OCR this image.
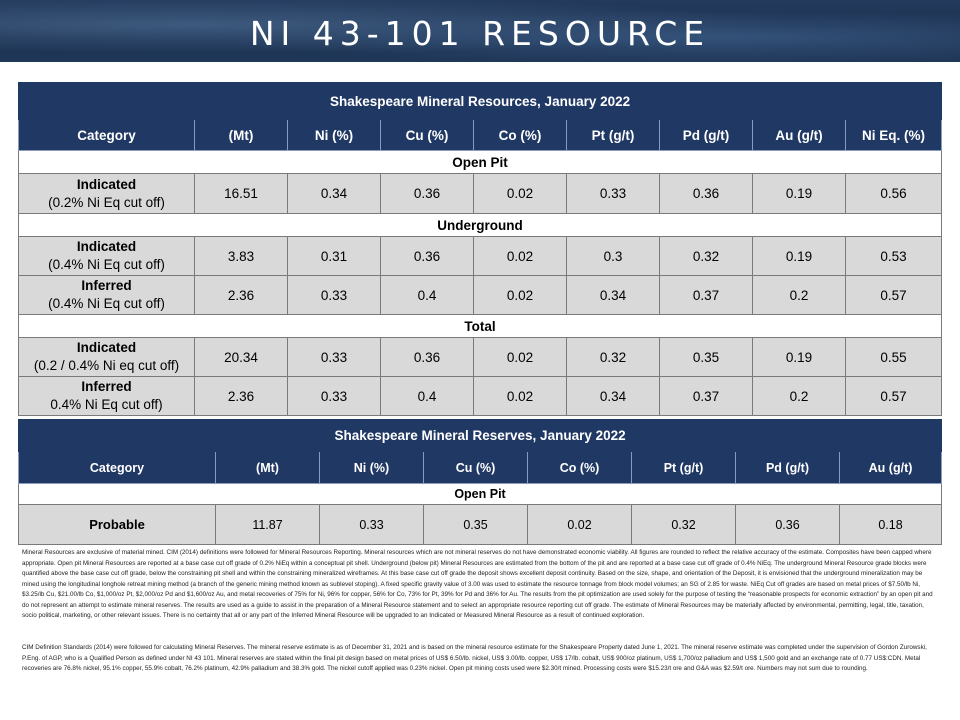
NI 43-101 RESOURCE
Shakespeare Mineral Resources, January 2022								
Category	(Mt)	Ni (%)	Cu (%)	Co (%)	Pt (g/t)	Pd (g/t)	Au (g/t)	Ni Eq. (%)
Open Pit								

Indicated
(0.2% Ni Eq cut off)	16.51	0.34	0.36	0.02	0.33	0.36	0.19	0.56
Underground								

Indicated
(0.4% Ni Eq cut off)	3.83	0.31	0.36	0.02	0.3	0.32	0.19	0.53

Inferred
(0.4% Ni Eq cut off)	2.36	0.33	0.4	0.02	0.34	0.37	0.2	0.57
Total								

Indicated
(0.2 / 0.4% Ni eq cut off)	20.34	0.33	0.36	0.02	0.32	0.35	0.19	0.55

Inferred
0.4% Ni Eq cut off)	2.36	0.33	0.4	0.02	0.34	0.37	0.2	0.57
Shakespeare Mineral Reserves, January 2022							
Category	(Mt)	Ni (%)	Cu (%)	Co (%)	Pt (g/t)	Pd (g/t)	Au (g/t)
Open Pit							
Probable	11.87	0.33	0.35	0.02	0.32	0.36	0.18
Mineral Resources are exclusive of material mined. CIM (2014) definitions were followed for Mineral Resources Reporting. Mineral resources which are not mineral reserves do not have demonstrated economic viability. All figures are rounded to reflect the relative accuracy of the estimate. Composites have been capped where appropriate. Open pit Mineral Resources are reported at a base case cut off grade of 0.2% NiEq within a conceptual pit shell. Underground (below pit) Mineral Resources are estimated from the bottom of the pit and are reported at a base case cut off grade of 0.4% NiEq. The underground Mineral Resource grade blocks were quantified above the base case cut off grade, below the constraining pit shell and within the constraining mineralized wireframes. At this base case cut off grade the deposit shows excellent deposit continuity. Based on the size, shape, and orientation of the Deposit, it is envisioned that the underground mineralization may be mined using the longitudinal longhole retreat mining method (a branch of the generic mining method known as sublevel stoping). A fixed specific gravity value of 3.00 was used to estimate the resource tonnage from block model volumes; an SG of 2.85 for waste. NiEq Cut off grades are based on metal prices of $7.50/lb Ni, $3.25/lb Cu, $21.00/lb Co, $1,000/oz Pt, $2,000/oz Pd and $1,600/oz Au, and metal recoveries of 75% for Ni, 96% for copper, 56% for Co, 73% for Pt, 39% for Pd and 36% for Au. The results from the pit optimization are used solely for the purpose of testing the “reasonable prospects for economic extraction” by an open pit and do not represent an attempt to estimate mineral reserves. The results are used as a guide to assist in the preparation of a Mineral Resource statement and to select an appropriate resource reporting cut off grade. The estimate of Mineral Resources may be materially affected by environmental, permitting, legal, title, taxation, socio political, marketing, or other relevant issues. There is no certainty that all or any part of the Inferred Mineral Resource will be upgraded to an Indicated or Measured Mineral Resource as a result of continued exploration.
CIM Definition Standards (2014) were followed for calculating Mineral Reserves. The mineral reserve estimate is as of December 31, 2021 and is based on the mineral resource estimate for the Shakespeare Property dated June 1, 2021. The mineral reserve estimate was completed under the supervision of Gordon Zurowski, P.Eng. of AGP, who is a Qualified Person as defined under NI 43 101. Mineral reserves are stated within the final pit design based on metal prices of US$ 6.50/lb. nickel, US$ 3.00/lb. copper, US$ 17/lb. cobalt, US$ 900/oz platinum, US$ 1,700/oz palladium and US$ 1,500 gold and an exchange rate of 0.77 US$:CDN. Metal recoveries are 76.8% nickel, 95.1% copper, 55.9% cobalt, 76.2% platinum, 42.9% palladium and 38.3% gold. The nickel cutoff applied was 0.23% nickel. Open pit mining costs used were $2.30/t mined. Processing costs were $15.23/t ore and G&A was $2.59/t ore. Numbers may not sum due to rounding.
